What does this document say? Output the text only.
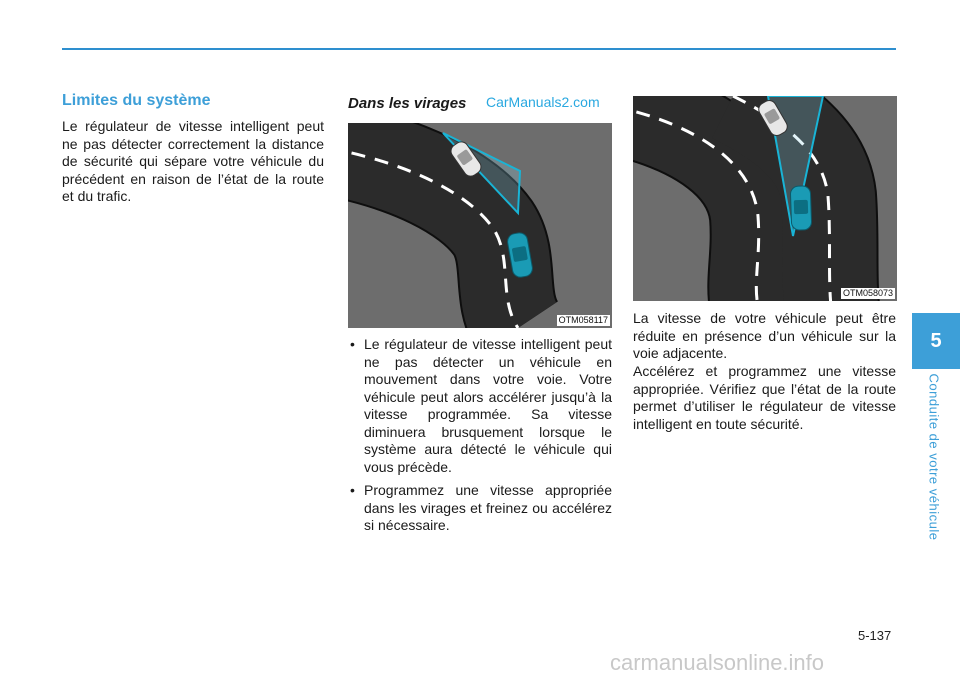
Limites du système

Le régulateur de vitesse intelligent peut ne pas détecter correctement la distance de sécurité qui sépare votre véhicule du précédent en raison de l’état de la route et du trafic.

Dans les virages CarManuals2.com
OTM058117
• Le régulateur de vitesse intelligent peut ne pas détecter un véhicule en mouvement dans votre voie. Votre véhicule peut alors accélérer jusqu’à la vitesse programmée. Sa vitesse diminuera brusquement lorsque le système aura détecté le véhicule qui vous précède.
• Programmez une vitesse appropriée dans les virages et freinez ou accélérez si nécessaire.
OTM058073

La vitesse de votre véhicule peut être réduite en présence d’un véhicule sur la voie adjacente.

Accélérez et programmez une vitesse appropriée. Vérifiez que l’état de la route permet d’utiliser le régulateur de vitesse intelligent en toute sécurité.

5
Conduite de votre véhicule
5-137
carmanualsonline.info
